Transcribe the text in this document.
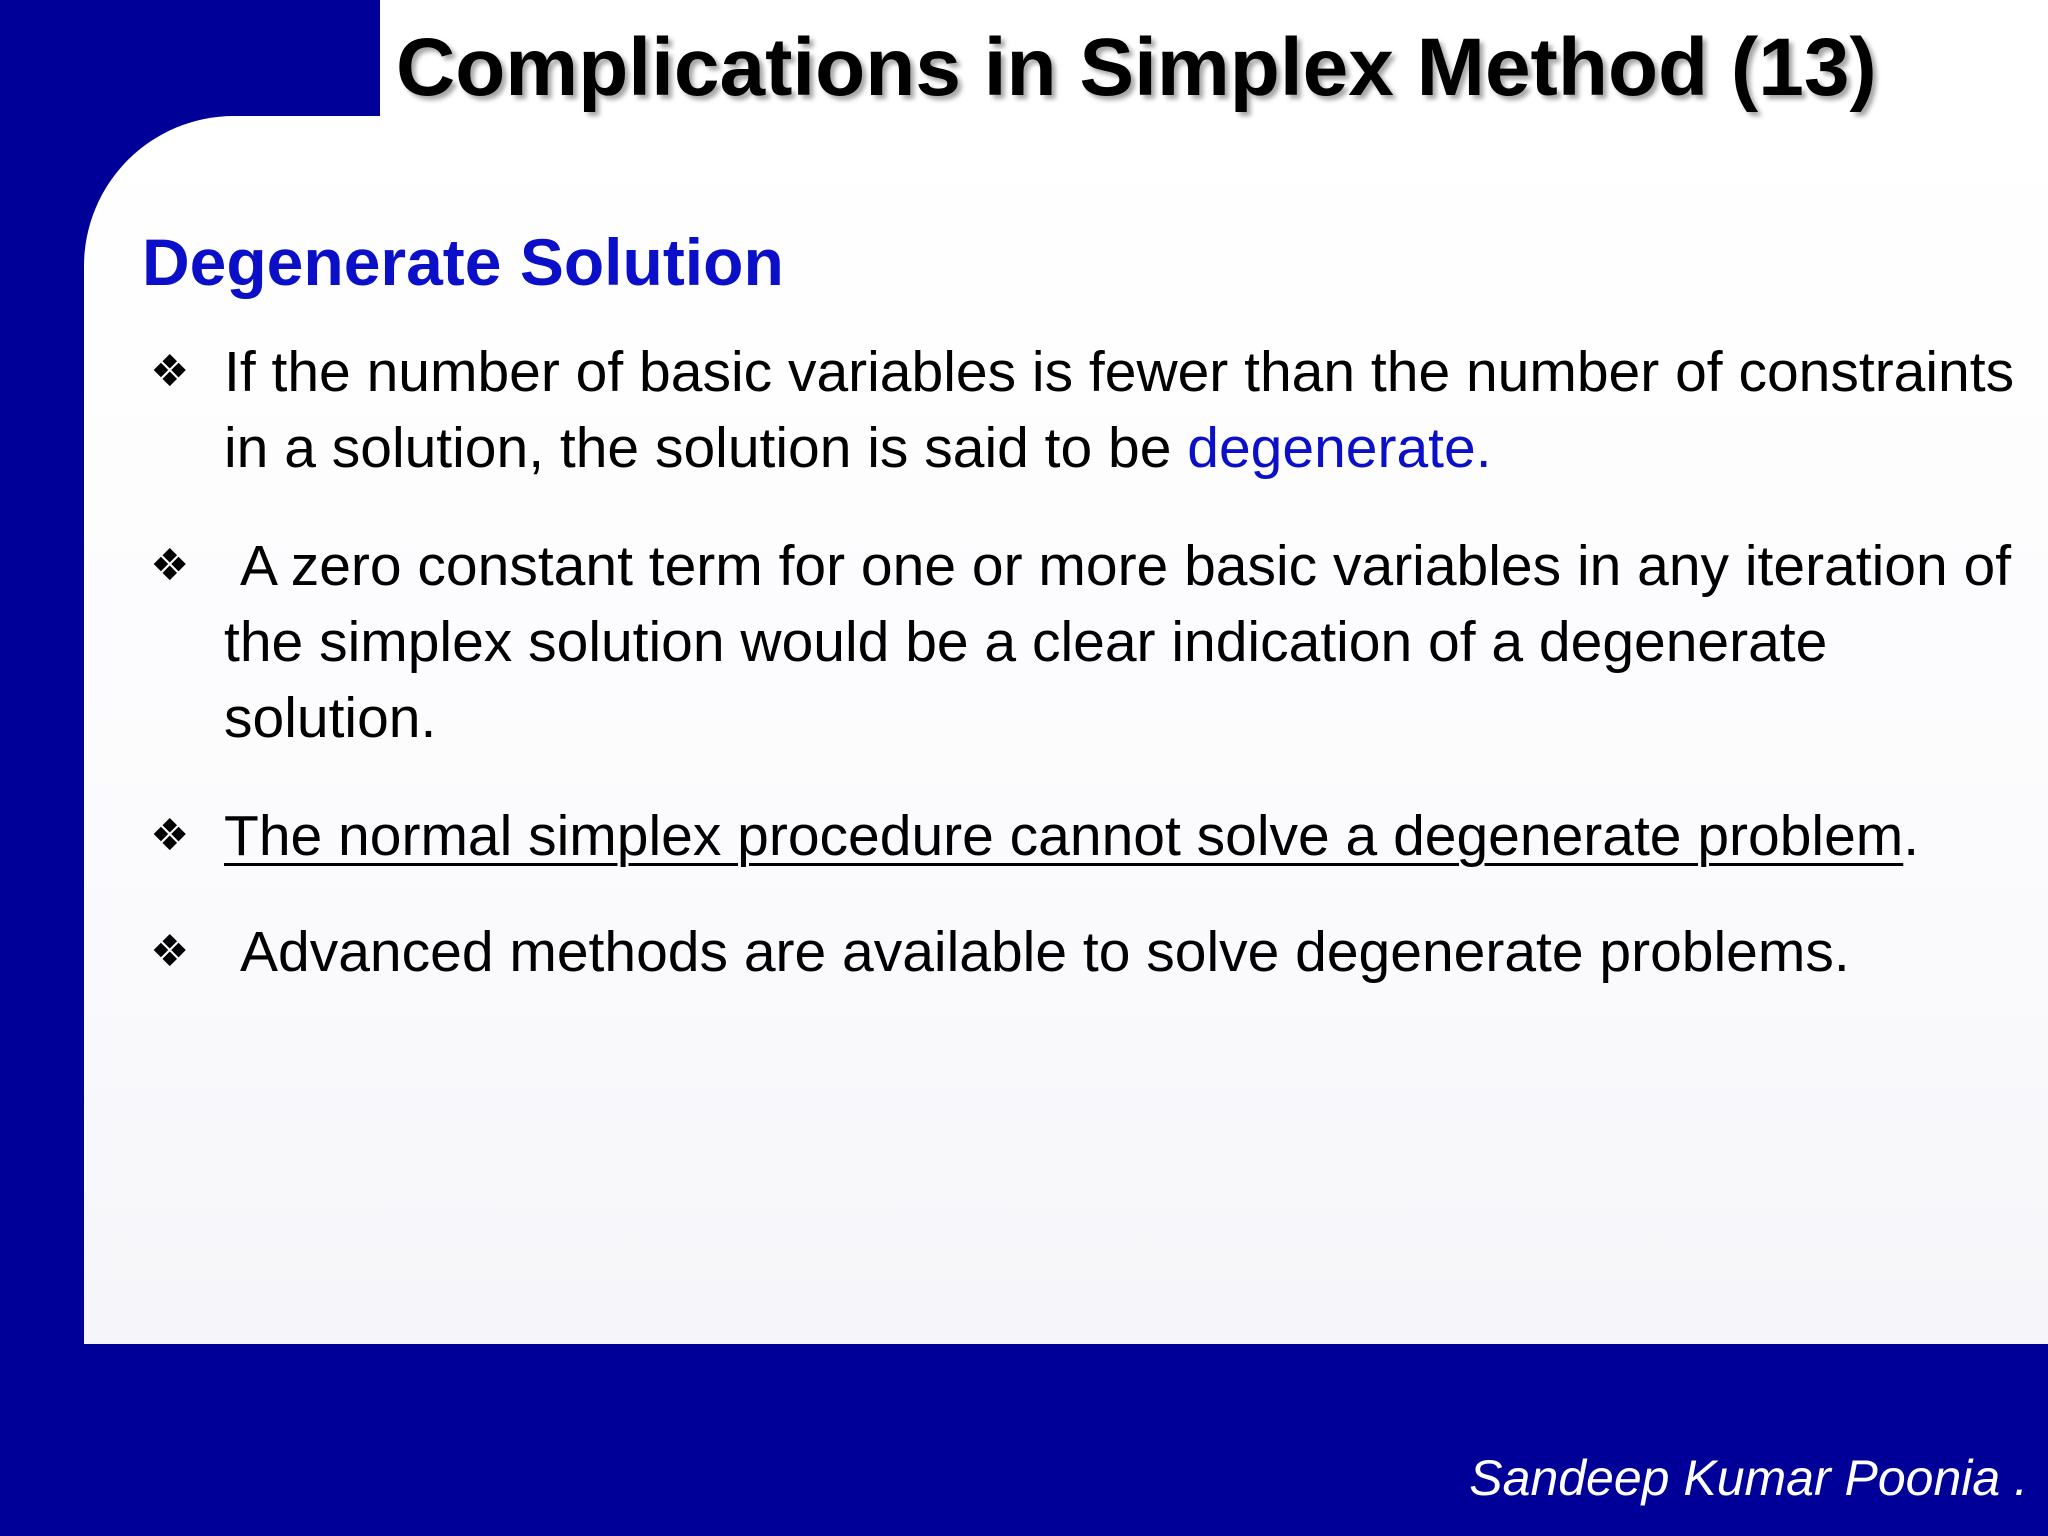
Complications in Simplex Method (13)
Degenerate Solution
❖ If the number of basic variables is fewer than the number of constraints in a solution, the solution is said to be degenerate.
❖ A zero constant term for one or more basic variables in any iteration of the simplex solution would be a clear indication of a degenerate solution.
❖ The normal simplex procedure cannot solve a degenerate problem.
❖ Advanced methods are available to solve degenerate problems.

Sandeep Kumar Poonia .
